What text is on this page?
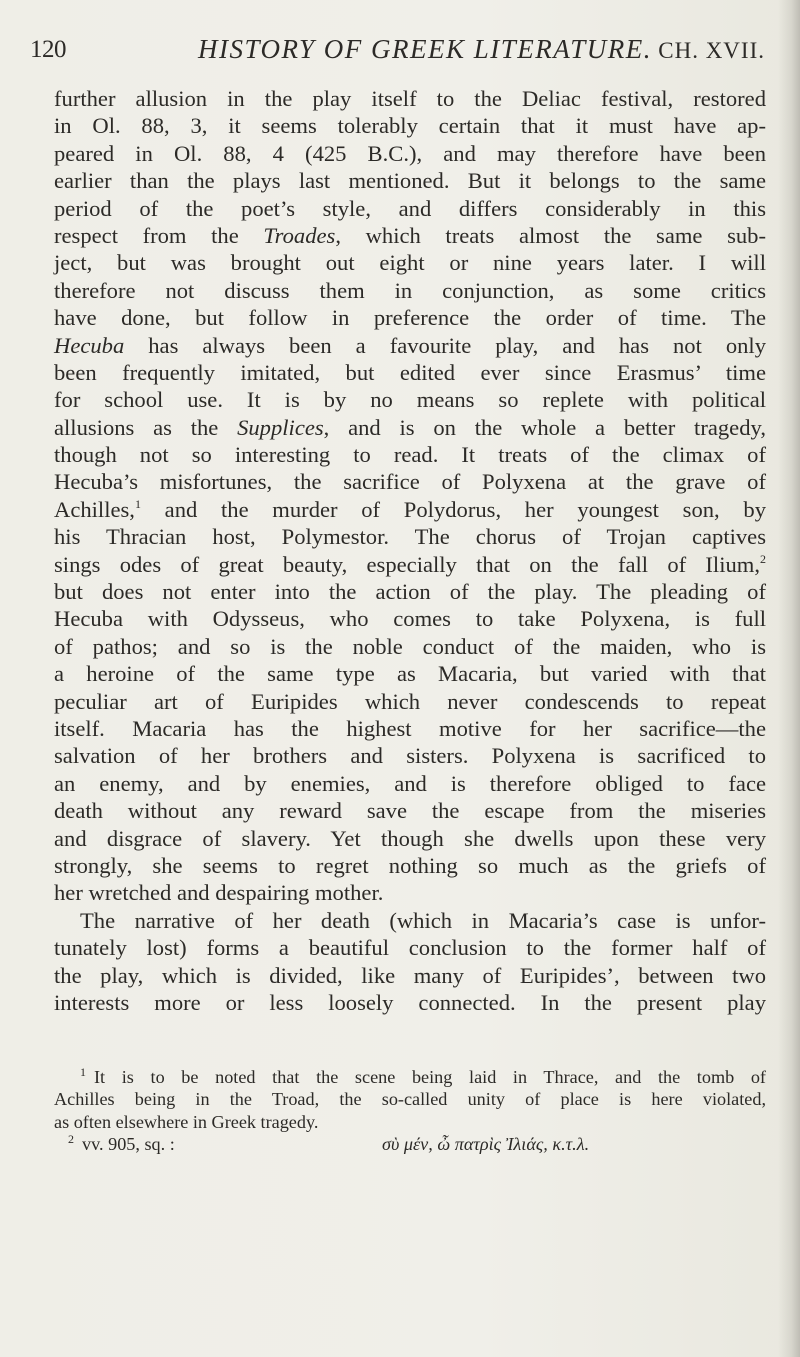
120	HISTORY OF GREEK LITERATURE. CH. XVII.
further allusion in the play itself to the Deliac festival, restored
in Ol. 88, 3, it seems tolerably certain that it must have ap-
peared in Ol. 88, 4 (425 B.C.), and may therefore have been
earlier than the plays last mentioned. But it belongs to the same
period of the poet’s style, and differs considerably in this
respect from the Troades, which treats almost the same sub-
ject, but was brought out eight or nine years later. I will
therefore not discuss them in conjunction, as some critics
have done, but follow in preference the order of time. The
Hecuba has always been a favourite play, and has not only
been frequently imitated, but edited ever since Erasmus’ time
for school use. It is by no means so replete with political
allusions as the Supplices, and is on the whole a better tragedy,
though not so interesting to read. It treats of the climax of
Hecuba’s misfortunes, the sacrifice of Polyxena at the grave of
Achilles,$^1$ and the murder of Polydorus, her youngest son, by
his Thracian host, Polymestor. The chorus of Trojan captives
sings odes of great beauty, especially that on the fall of Ilium,$^2$
but does not enter into the action of the play. The pleading of
Hecuba with Odysseus, who comes to take Polyxena, is full
of pathos; and so is the noble conduct of the maiden, who is
a heroine of the same type as Macaria, but varied with that
peculiar art of Euripides which never condescends to repeat
itself. Macaria has the highest motive for her sacrifice—the
salvation of her brothers and sisters. Polyxena is sacrificed to
an enemy, and by enemies, and is therefore obliged to face
death without any reward save the escape from the miseries
and disgrace of slavery. Yet though she dwells upon these very
strongly, she seems to regret nothing so much as the griefs of
her wretched and despairing mother.
The narrative of her death (which in Macaria’s case is unfor-
tunately lost) forms a beautiful conclusion to the former half of
the play, which is divided, like many of Euripides’, between two
interests more or less loosely connected. In the present play
$^1$ It is to be noted that the scene being laid in Thrace, and the tomb of
Achilles being in the Troad, the so-called unity of place is here violated,
as often elsewhere in Greek tragedy.
$^2$ vv. 905, sq. :	σὺ μέν, ὦ πατρὶς Ἰλιάς, κ.τ.λ.
